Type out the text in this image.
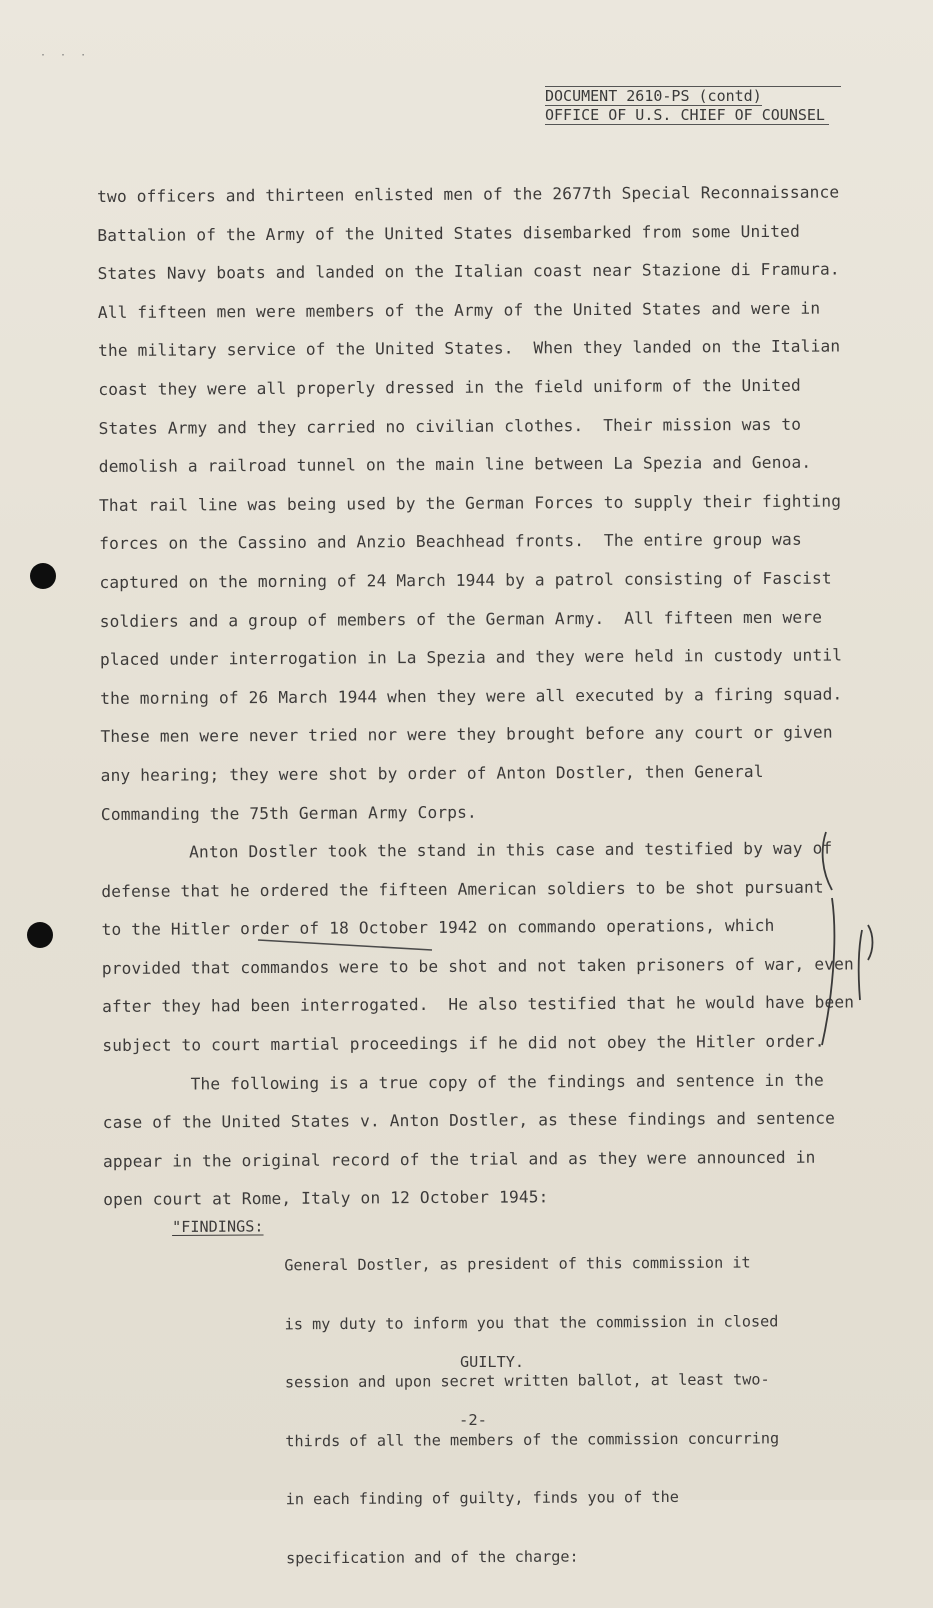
· · ·
DOCUMENT 2610-PS (contd)
OFFICE OF U.S. CHIEF OF COUNSEL

two officers and thirteen enlisted men of the 2677th Special Reconnaissance

Battalion of the Army of the United States disembarked from some United

States Navy boats and landed on the Italian coast near Stazione di Framura.

All fifteen men were members of the Army of the United States and were in

the military service of the United States.  When they landed on the Italian

coast they were all properly dressed in the field uniform of the United

States Army and they carried no civilian clothes.  Their mission was to

demolish a railroad tunnel on the main line between La Spezia and Genoa.

That rail line was being used by the German Forces to supply their fighting

forces on the Cassino and Anzio Beachhead fronts.  The entire group was

captured on the morning of 24 March 1944 by a patrol consisting of Fascist

soldiers and a group of members of the German Army.  All fifteen men were

placed under interrogation in La Spezia and they were held in custody until

the morning of 26 March 1944 when they were all executed by a firing squad.

These men were never tried nor were they brought before any court or given

any hearing; they were shot by order of Anton Dostler, then General

Commanding the 75th German Army Corps.

Anton Dostler took the stand in this case and testified by way of

defense that he ordered the fifteen American soldiers to be shot pursuant

to the Hitler order of 18 October 1942 on commando operations, which

provided that commandos were to be shot and not taken prisoners of war, even

after they had been interrogated.  He also testified that he would have been

subject to court martial proceedings if he did not obey the Hitler order.

The following is a true copy of the findings and sentence in the

case of the United States v. Anton Dostler, as these findings and sentence

appear in the original record of the trial and as they were announced in

open court at Rome, Italy on 12 October 1945:

"FINDINGS:

General Dostler, as president of this commission it

is my duty to inform you that the commission in closed

session and upon secret written ballot, at least two-

thirds of all the members of the commission concurring

in each finding of guilty, finds you of the

specification and of the charge:

GUILTY.
-2-
